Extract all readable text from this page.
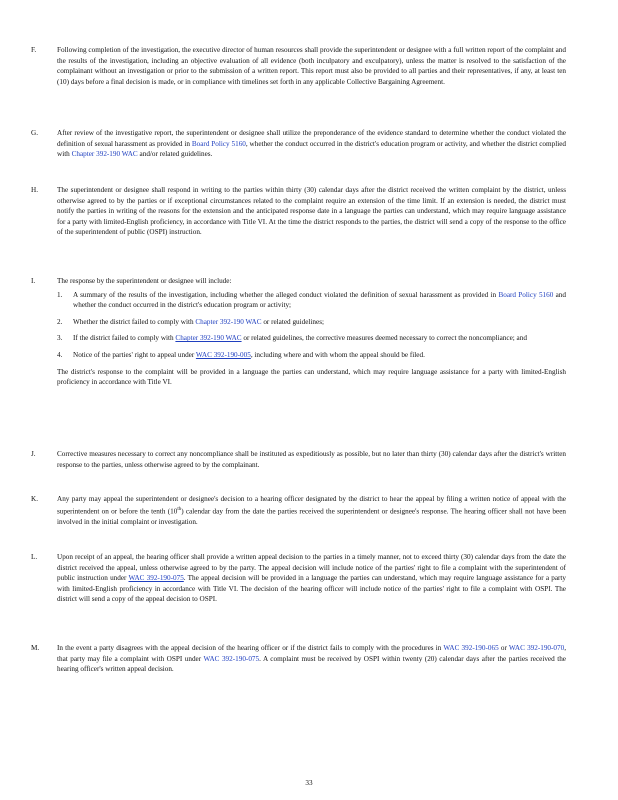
F.	Following completion of the investigation, the executive director of human resources shall provide the superintendent or designee with a full written report of the complaint and the results of the investigation, including an objective evaluation of all evidence (both inculpatory and exculpatory), unless the matter is resolved to the satisfaction of the complainant without an investigation or prior to the submission of a written report. This report must also be provided to all parties and their representatives, if any, at least ten (10) days before a final decision is made, or in compliance with timelines set forth in any applicable Collective Bargaining Agreement.

G.	After review of the investigative report, the superintendent or designee shall utilize the preponderance of the evidence standard to determine whether the conduct violated the definition of sexual harassment as provided in Board Policy 5160, whether the conduct occurred in the district's education program or activity, and whether the district complied with Chapter 392-190 WAC and/or related guidelines.

H.	The superintendent or designee shall respond in writing to the parties within thirty (30) calendar days after the district received the written complaint by the district, unless otherwise agreed to by the parties or if exceptional circumstances related to the complaint require an extension of the time limit. If an extension is needed, the district must notify the parties in writing of the reasons for the extension and the anticipated response date in a language the parties can understand, which may require language assistance for a party with limited-English proficiency, in accordance with Title VI. At the time the district responds to the parties, the district will send a copy of the response to the office of the superintendent of public (OSPI) instruction.

I.	The response by the superintendent or designee will include:

1. A summary of the results of the investigation, including whether the alleged conduct violated the definition of sexual harassment as provided in Board Policy 5160 and whether the conduct occurred in the district's education program or activity;
2. Whether the district failed to comply with Chapter 392-190 WAC or related guidelines;
3. If the district failed to comply with Chapter 392-190 WAC or related guidelines, the corrective measures deemed necessary to correct the noncompliance; and
4. Notice of the parties' right to appeal under WAC 392-190-005, including where and with whom the appeal should be filed.

The district's response to the complaint will be provided in a language the parties can understand, which may require language assistance for a party with limited-English proficiency in accordance with Title VI.

J.	Corrective measures necessary to correct any noncompliance shall be instituted as expeditiously as possible, but no later than thirty (30) calendar days after the district's written response to the parties, unless otherwise agreed to by the complainant.

K.	Any party may appeal the superintendent or designee's decision to a hearing officer designated by the district to hear the appeal by filing a written notice of appeal with the superintendent on or before the tenth (10th) calendar day from the date the parties received the superintendent or designee's response. The hearing officer shall not have been involved in the initial complaint or investigation.

L.	Upon receipt of an appeal, the hearing officer shall provide a written appeal decision to the parties in a timely manner, not to exceed thirty (30) calendar days from the date the district received the appeal, unless otherwise agreed to by the party. The appeal decision will include notice of the parties' right to file a complaint with the superintendent of public instruction under WAC 392-190-075. The appeal decision will be provided in a language the parties can understand, which may require language assistance for a party with limited-English proficiency in accordance with Title VI. The decision of the hearing officer will include notice of the parties' right to file a complaint with OSPI. The district will send a copy of the appeal decision to OSPI.

M. In the event a party disagrees with the appeal decision of the hearing officer or if the district fails to comply with the procedures in WAC 392-190-065 or WAC 392-190-070, that party may file a complaint with OSPI under WAC 392-190-075. A complaint must be received by OSPI within twenty (20) calendar days after the parties received the hearing officer's written appeal decision.

33
